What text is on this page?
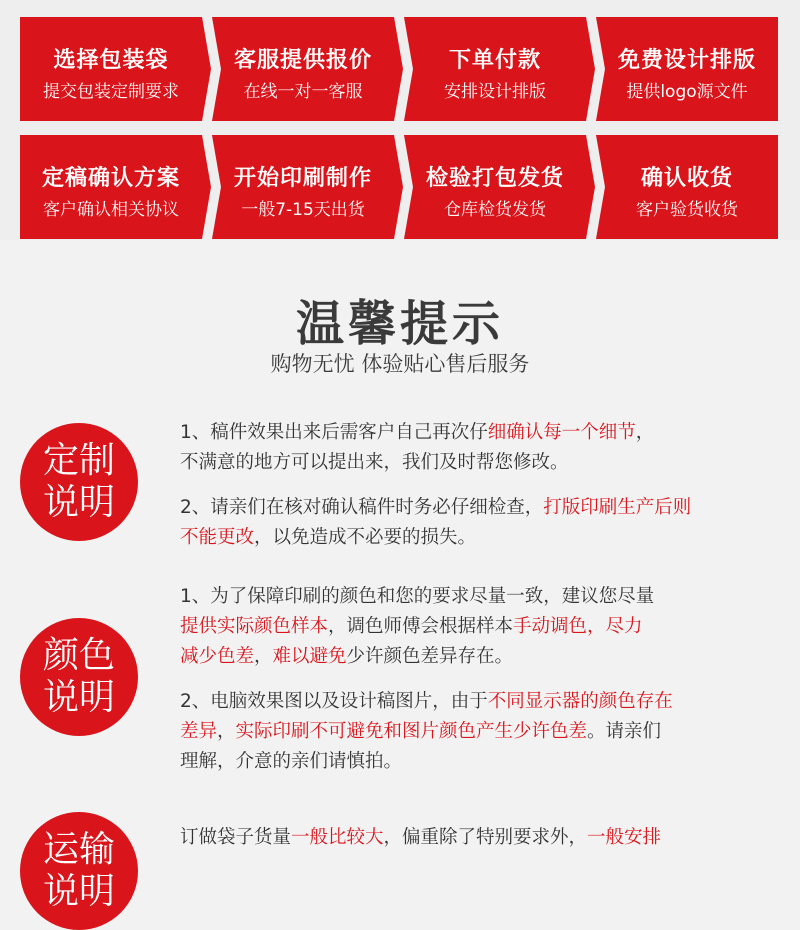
选择包装袋
提交包装定制要求
客服提供报价
在线一对一客服
下单付款
安排设计排版
免费设计排版
提供logo源文件
定稿确认方案
客户确认相关协议
开始印刷制作
一般7-15天出货
检验打包发货
仓库检货发货
确认收货
客户验货收货
温馨提示
购物无忧 体验贴心售后服务
定制
说明
1、稿件效果出来后需客户自己再次仔细确认每一个细节，
不满意的地方可以提出来，我们及时帮您修改。
2、请亲们在核对确认稿件时务必仔细检查，打版印刷生产后则
不能更改，以免造成不必要的损失。
颜色
说明
1、为了保障印刷的颜色和您的要求尽量一致，建议您尽量
提供实际颜色样本，调色师傅会根据样本手动调色，尽力
减少色差，难以避免少许颜色差异存在。
2、电脑效果图以及设计稿图片，由于不同显示器的颜色存在
差异，实际印刷不可避免和图片颜色产生少许色差。请亲们
理解，介意的亲们请慎拍。
运输
说明
订做袋子货量一般比较大，偏重除了特别要求外，一般安排
